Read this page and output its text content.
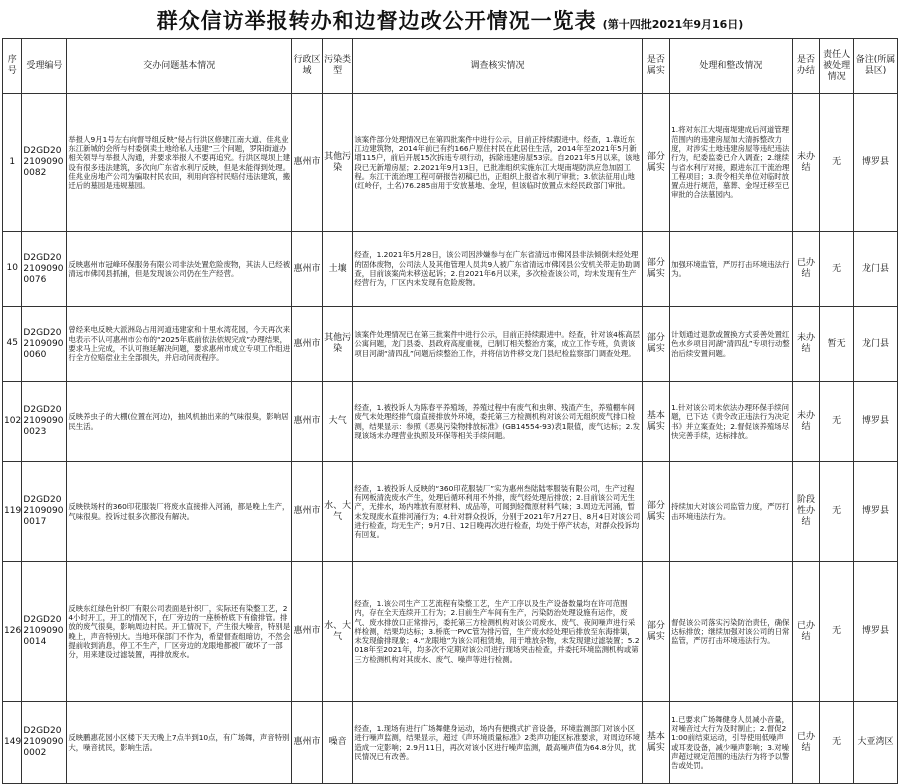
群众信访举报转办和边督边改公开情况一览表 (第十四批2021年9月16日)
序号	受理编号	交办问题基本情况	行政区域	污染类型	调查核实情况	是否属实	处理和整改情况	是否办结	责任人被处理情况	备注(所属县区)
1	D2GD2021090900082	举报人9月1号左右向督导组反映“侵占行洪区修建江南大道、佳兆业东江新城的会所与村委倒卖土地给私人违建”三个问题，罗阳街道办相关领导与举报人沟通，并要求举报人不要再追究。行洪区堤坝上建设有很多违法建筑，多次向广东省水利厅反映，但是未能得到处理。佳兆业房地产公司为骗取村民农田，利用向容村民赔付违法建筑，搬迁后的墓园是违规墓园。	惠州市	其他污染	该案件部分处理情况已在第四批案件中进行公示，目前正持续跟进中。经查，1.靠近东江边建筑物，2014年前已有约166户原住村民在此居住生活，2014年至2021年5月新增115户，前后开展15次拆违专项行动，拆除违建房屋53宗。自2021年5月以来，该地段已无新增房屋；2.2021年9月13日，已批准组织实施东江大堤南堤防洪应急加固工程。东江干流治理工程可研报告初稿已出，正组织上报省水利厅审批；3.依法征用山地(红岭仔，土名)76.285亩用于安放墓地、金埕，但该临时放置点未经民政部门审批。	部分属实	1.将对东江大堤南堤建成后河道管理范围内的违建房屋加大清拆整改力度，对涉实土地违建房屋等违纪违法行为，纪委监委已介入调查；2.继续与省水利厅对接，跟进东江干流治理工程项目；3.责令相关单位对临时放置点进行规范，墓葬、金埕迁移至已审批的合法墓园内。	未办结	无	博罗县
10	D2GD2021090900076	反映惠州市冠峰环保服务有限公司非法处置危险废物，其法人已经被清远市佛冈县抓捕，但是发现该公司仍在生产经营。	惠州市	土壤	经查，1.2021年5月28日，该公司因涉嫌参与在广东省清远市佛冈县非法倾倒未经处理的固体废物，公司法人及其他管理人员共9人被广东省清远市佛冈县公安机关带走协助调查，目前该案尚未移送起诉；2.自2021年6月以来，多次检查该公司，均未发现有生产经营行为，厂区内未发现有危险废物。	部分属实	加强环境监管，严厉打击环境违法行为。	已办结	无	龙门县
45	D2GD2021090900060	曾经来电反映大派洲岛占用河道违建家和十里水湾花园，今天再次来电表示不认可惠州市公布的“2025年底前依法依规完成”办理结果，要求马上完成，不认可拖延解决问题，要求惠州市成立专项工作组进行全方位赔偿业主全部损失，并启动问责程序。	惠州市	其他污染	该案件处理情况已在第三批案件中进行公示，目前正持续跟进中。经查，针对该4栋高层公寓问题，龙门县委、县政府高度重视，已制订相关整治方案，成立工作专班，负责该项目河湖“清四乱”问题后续整治工作，并将信访件移交龙门县纪检监察部门调查处理。	部分属实	计划通过退款或置换方式妥善处置红色水乡项目河湖“清四乱”专项行动整治后续安置问题。	未办结	暂无	龙门县
102	D2GD2021090900023	反映养虫子的大棚(位置在河边)，抽风机抽出来的气味很臭，影响居民生活。	惠州市	大气	经查，1.被投诉人为陈春平养殖场，养殖过程中有废气和虫卵、残渣产生，养殖棚车间废气未处理经排气扇直接排放外环境，委托第三方检测机构对该公司无组织废气排口检测，结果显示：参照《恶臭污染物排放标准》(GB14554-93)表1限值，废气达标；2.发现该场未办理营业执照及环保等相关手续问题。	基本属实	1.针对该公司未依法办理环保手续问题，已下达《责令改正违法行为决定书》并立案查处；2.督促该养殖场尽快完善手续，达标排放。	未办结	无	博罗县
119	D2GD2021090900017	反映铁场村的360印花服装厂将废水直接排入河涌，都是晚上生产，气味很臭。投诉过很多次都没有解决。	惠州市	水、大气	经查，1.被投诉人反映的“360印花服装厂”实为惠州叁陆陆零服装有限公司，生产过程有网板清洗废水产生，处理后循环利用不外排，废气经处理后排放；2.目前该公司无生产，无排水，场内堆放有原材料、成品等，可闻到轻微原材料气味；3.周边无河涌，暂未发现废水直排河涌行为；4.针对群众投诉，分别于2021年7月27日、8月4日对该公司进行检查，均无生产；9月7日、12日晚再次进行检查，均处于停产状态，对群众投诉均有回复。	部分属实	持续加大对该公司监管力度，严厉打击环境违法行为。	阶段性办结	无	博罗县
126	D2GD2021090900014	反映东红绿色针织厂有限公司表面是针织厂，实际还有染整工艺，24小时开工，开工的情况下，在厂旁边的一座桥桥底下有偷排管。排放的废气很臭，影响周边村民。开工情况下，产生很大噪音，特别是晚上，声音特别大。当地环保部门不作为，希望督查组暗访，不然会提前收到消息，停工不生产，厂区旁边的龙眼地都被厂破坏了一部分，用来建设过滤装置，再排放废水。	惠州市	水、大气	经查，1.该公司生产工艺流程有染整工艺，生产工序以及生产设备数量均在许可范围内，存在全天连续开工行为；2.目前生产车间有生产，污染防治处理设施有运作，废气、废水排放口正常排污，委托第三方检测机构对该公司废水、废气、夜间噪声进行采样检测，结果均达标；3.桥底一PVC管为排污管，生产废水经处理后排放至东海排渠，未发现偷排现象；4.“龙眼地”为该公司租赁地，用于堆放杂物，未发现建过滤装置；5.2018年至2021年，均多次不定期对该公司进行现场突击检查，并委托环境监测机构或第三方检测机构对其废水、废气、噪声等进行检测。	部分属实	督促该公司落实污染防治责任，确保达标排放；继续加强对该公司的日常监管，严厉打击环境违法行为。	已办结	无	博罗县
149	D2GD2021090900002	反映鹏惠花园小区楼下天天晚上7点半到10点，有广场舞，声音特别大，噪音扰民，影响生活。	惠州市	噪音	经查，1.现场有进行广场舞健身运动，场内有便携式扩音设备，环境监测部门对该小区进行噪声监测，结果显示，超过《声环境质量标准》2类声功能区标准要求，对周边环境造成一定影响；2.9月11日，再次对该小区进行噪声监测，最高噪声值为64.8分贝，扰民情况已有改善。	基本属实	1.已要求广场舞健身人员减小音量，对噪音过大行为及时制止；2.督促21:00前结束运动，引导使用低噪声或耳麦设备，减少噪声影响；3.对噪声超过规定范围的违法行为将予以警告或处罚。	已办结	无	大亚湾区
